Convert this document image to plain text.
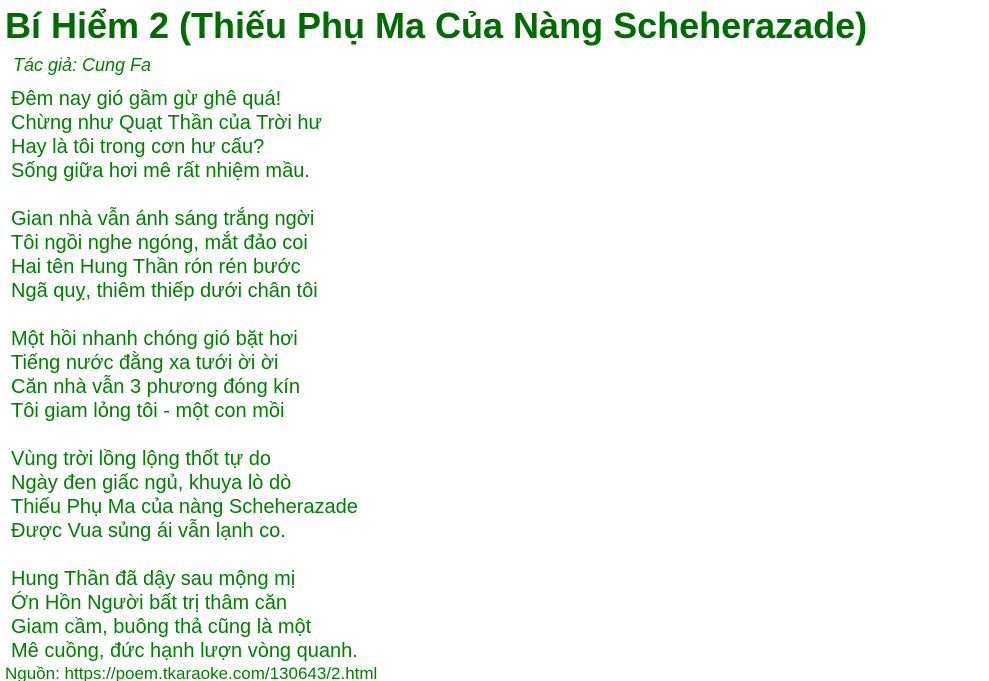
Bí Hiểm 2 (Thiếu Phụ Ma Của Nàng Scheherazade)
Tác giả: Cung Fa
Đêm nay gió gầm gừ ghê quá!
Chừng như Quạt Thần của Trời hư
Hay là tôi trong cơn hư cấu?
Sống giữa hơi mê rất nhiệm mầu.
Gian nhà vẫn ánh sáng trắng ngời
Tôi ngồi nghe ngóng, mắt đảo coi
Hai tên Hung Thần rón rén bước
Ngã quỵ, thiêm thiếp dưới chân tôi
Một hồi nhanh chóng gió bặt hơi
Tiếng nước đằng xa tưới ời ời
Căn nhà vẫn 3 phương đóng kín
Tôi giam lỏng tôi - một con mồi
Vùng trời lồng lộng thốt tự do
Ngày đen giấc ngủ, khuya lò dò
Thiếu Phụ Ma của nàng Scheherazade
Được Vua sủng ái vẫn lạnh co.
Hung Thần đã dậy sau mộng mị
Ớn Hồn Người bất trị thâm căn
Giam cầm, buông thả cũng là một
Mê cuồng, đức hạnh lượn vòng quanh.
Nguồn: https://poem.tkaraoke.com/130643/2.html
